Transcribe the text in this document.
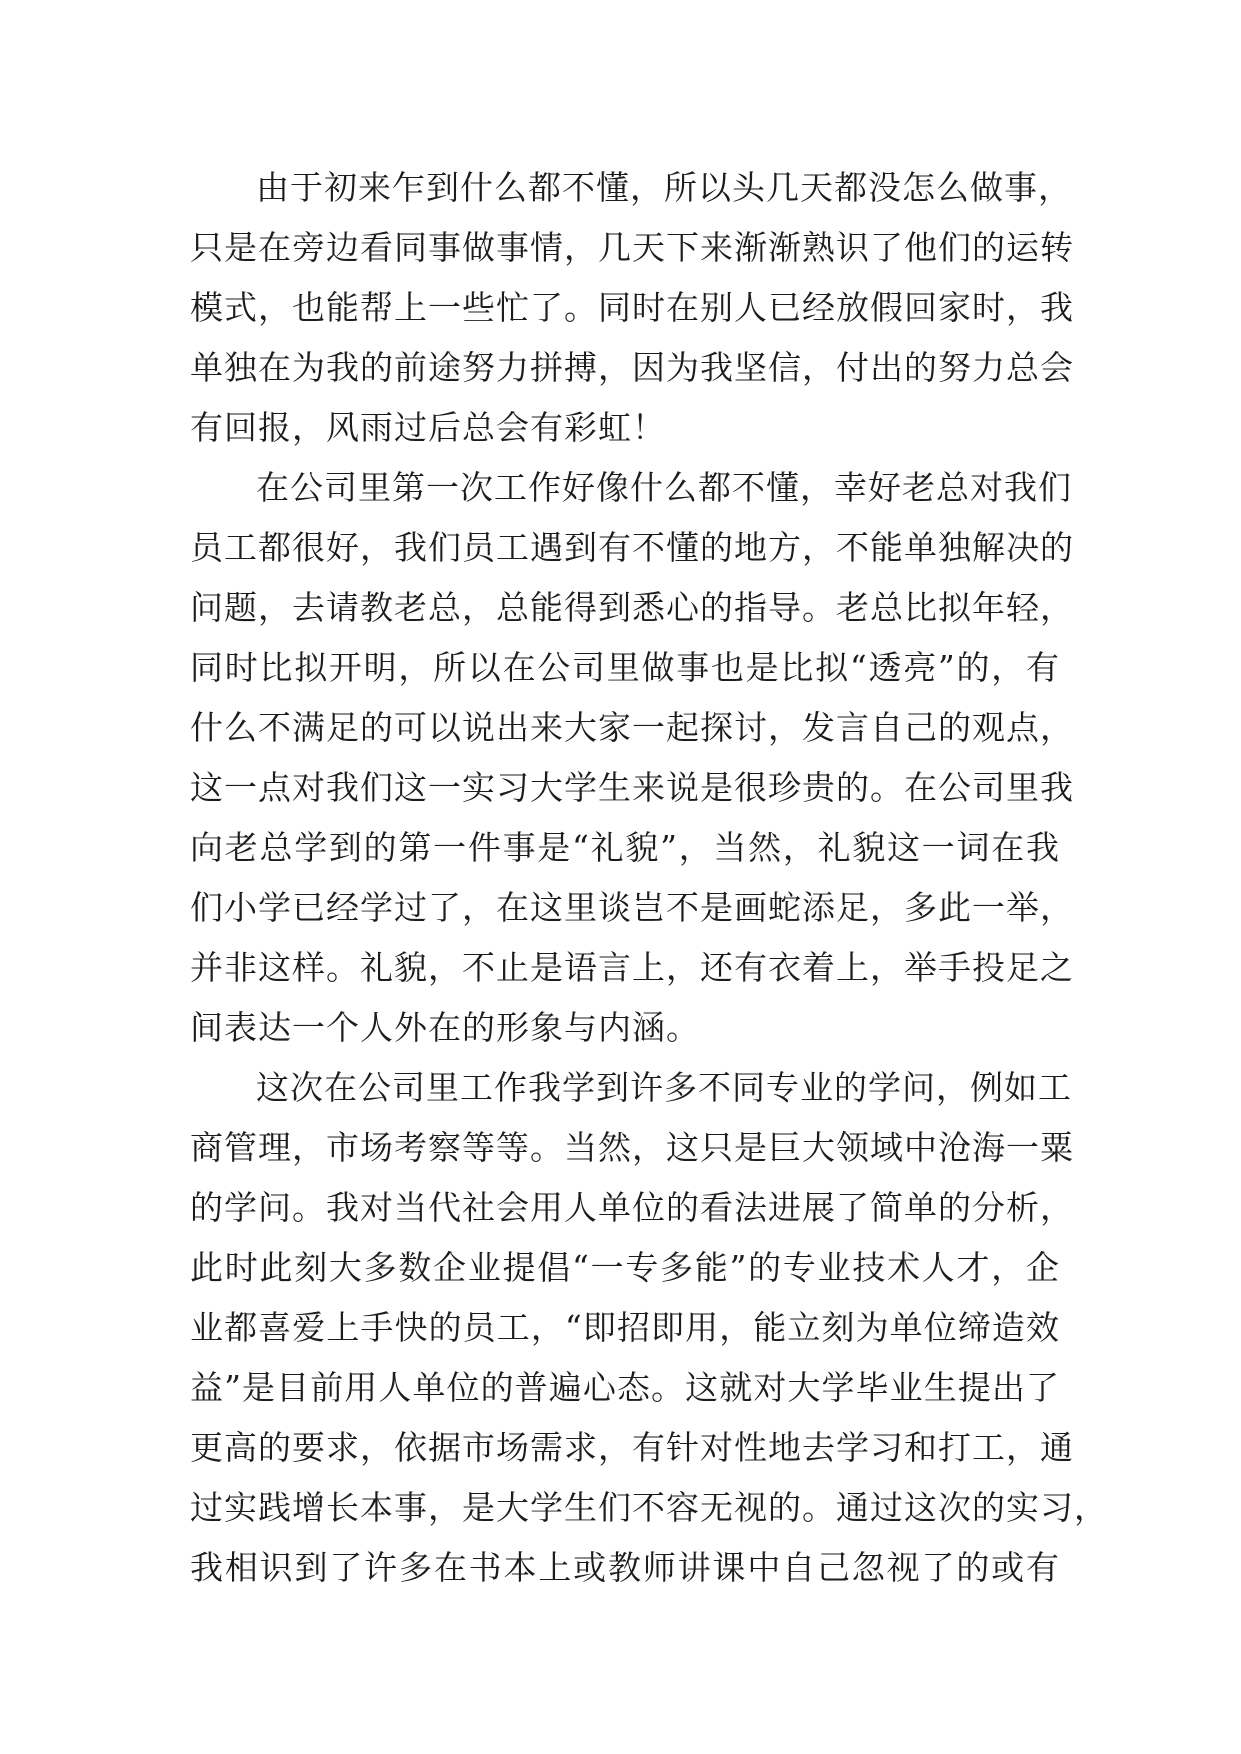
由于初来乍到什么都不懂，所以头几天都没怎么做事，
只是在旁边看同事做事情，几天下来渐渐熟识了他们的运转
模式，也能帮上一些忙了。同时在别人已经放假回家时，我
单独在为我的前途努力拼搏，因为我坚信，付出的努力总会
有回报，风雨过后总会有彩虹！
在公司里第一次工作好像什么都不懂，幸好老总对我们
员工都很好，我们员工遇到有不懂的地方，不能单独解决的
问题，去请教老总，总能得到悉心的指导。老总比拟年轻，
同时比拟开明，所以在公司里做事也是比拟“透亮”的，有
什么不满足的可以说出来大家一起探讨，发言自己的观点，
这一点对我们这一实习大学生来说是很珍贵的。在公司里我
向老总学到的第一件事是“礼貌”，当然，礼貌这一词在我
们小学已经学过了，在这里谈岂不是画蛇添足，多此一举，
并非这样。礼貌，不止是语言上，还有衣着上，举手投足之
间表达一个人外在的形象与内涵。
这次在公司里工作我学到许多不同专业的学问，例如工
商管理，市场考察等等。当然，这只是巨大领域中沧海一粟
的学问。我对当代社会用人单位的看法进展了简单的分析，
此时此刻大多数企业提倡“一专多能”的专业技术人才，企
业都喜爱上手快的员工，“即招即用，能立刻为单位缔造效
益”是目前用人单位的普遍心态。这就对大学毕业生提出了
更高的要求，依据市场需求，有针对性地去学习和打工，通
过实践增长本事，是大学生们不容无视的。通过这次的实习，
我相识到了许多在书本上或教师讲课中自己忽视了的或有
